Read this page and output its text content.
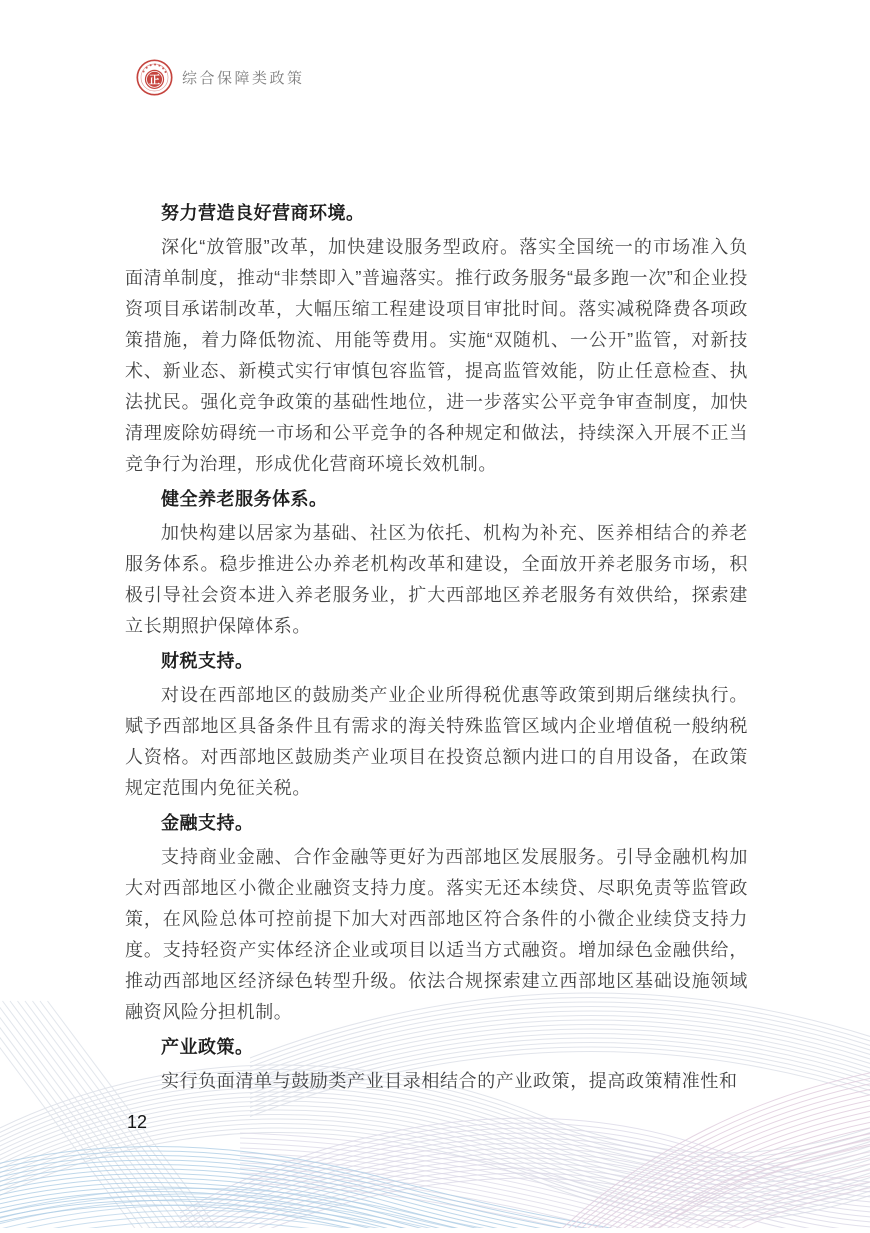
正 综合保障类政策
努力营造良好营商环境。

深化“放管服”改革，加快建设服务型政府。落实全国统一的市场准入负面清单制度，推动“非禁即入”普遍落实。推行政务服务“最多跑一次”和企业投资项目承诺制改革，大幅压缩工程建设项目审批时间。落实减税降费各项政策措施，着力降低物流、用能等费用。实施“双随机、一公开”监管，对新技术、新业态、新模式实行审慎包容监管，提高监管效能，防止任意检查、执法扰民。强化竞争政策的基础性地位，进一步落实公平竞争审查制度，加快清理废除妨碍统一市场和公平竞争的各种规定和做法，持续深入开展不正当竞争行为治理，形成优化营商环境长效机制。

健全养老服务体系。

加快构建以居家为基础、社区为依托、机构为补充、医养相结合的养老服务体系。稳步推进公办养老机构改革和建设，全面放开养老服务市场，积极引导社会资本进入养老服务业，扩大西部地区养老服务有效供给，探索建立长期照护保障体系。

财税支持。

对设在西部地区的鼓励类产业企业所得税优惠等政策到期后继续执行。赋予西部地区具备条件且有需求的海关特殊监管区域内企业增值税一般纳税人资格。对西部地区鼓励类产业项目在投资总额内进口的自用设备，在政策规定范围内免征关税。

金融支持。

支持商业金融、合作金融等更好为西部地区发展服务。引导金融机构加大对西部地区小微企业融资支持力度。落实无还本续贷、尽职免责等监管政策，在风险总体可控前提下加大对西部地区符合条件的小微企业续贷支持力度。支持轻资产实体经济企业或项目以适当方式融资。增加绿色金融供给，推动西部地区经济绿色转型升级。依法合规探索建立西部地区基础设施领域融资风险分担机制。

产业政策。

实行负面清单与鼓励类产业目录相结合的产业政策，提高政策精准性和

12
